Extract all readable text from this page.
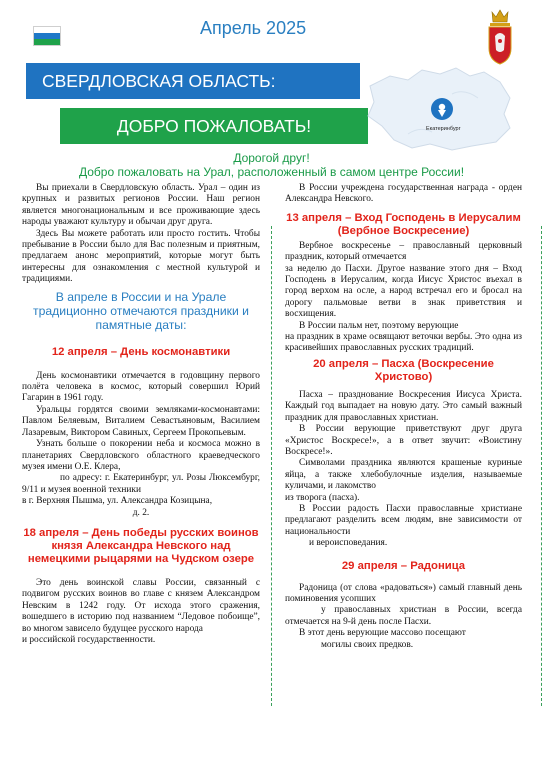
Апрель 2025
СВЕРДЛОВСКАЯ ОБЛАСТЬ:
ДОБРО ПОЖАЛОВАТЬ!	Екатеринбург
Дорогой друг!
Добро пожаловать на Урал, расположенный в самом центре России!

Вы приехали в Свердловскую область. Урал – один из крупных и развитых регионов России. Наш регион является многонациональным и все проживающие здесь народы уважают культуру и обычаи друг друга.

Здесь Вы можете работать или просто гостить. Чтобы пребывание в России было для Вас полезным и приятным, предлагаем анонс мероприятий, которые могут быть интересны для ознакомления с местной культурой и традициями.

В апреле в России и на Урале традиционно отмечаются праздники и памятные даты:
12 апреля – День космонавтики

День космонавтики отмечается в годовщину первого полёта человека в космос, который совершил Юрий Гагарин в 1961 году.

Уральцы гордятся своими земляками-космонавтами: Павлом Беляевым, Виталием Севастьяновым, Василием Лазаревым, Виктором Савиных, Сергеем Прокопьевым.

Узнать больше о покорении неба и космоса можно в планетариях Свердловского областного краеведческого музея имени О.Е. Клера,

по адресу: г. Екатеринбург, ул. Розы Люксембург, 9/11 и музея военной техники

в г. Верхняя Пышма, ул. Александра Козицына,

д. 2.

18 апреля – День победы русских воинов князя Александра Невского над немецкими рыцарями на Чудском озере

Это день воинской славы России, связанный с подвигом русских воинов во главе с князем Александром Невским в 1242 году. От исхода этого сражения, вошедшего в историю под названием “Ледовое побоище”, во многом зависело будущее русского народа

и российской государственности.

В России учреждена государственная награда - орден Александра Невского.

13 апреля – Вход Господень в Иерусалим (Вербное Воскресение)

Вербное воскресенье – православный церковный праздник, который отмечается

за неделю до Пасхи. Другое название этого дня – Вход Господень в Иерусалим, когда Иисус Христос въехал в город верхом на осле, а народ встречал его и бросал на дорогу пальмовые ветви в знак приветствия и восхищения.

В России пальм нет, поэтому верующие

на праздник в храме освящают веточки вербы. Это одна из красивейших православных русских традиций.

20 апреля – Пасха (Воскресение Христово)

Пасха – празднование Воскресения Иисуса Христа. Каждый год выпадает на новую дату. Это самый важный праздник для православных христиан.

В России верующие приветствуют друг друга «Христос Воскресе!», а в ответ звучит: «Воистину Воскресе!».

Символами праздника являются крашеные куриные яйца, а также хлебобулочные изделия, называемые куличами, и лакомство

из творога (пасха).

В России радость Пасхи православные христиане предлагают разделить всем людям, вне зависимости от национальности

и вероисповедания.

29 апреля – Радоница

Радоница (от слова «радоваться») самый главный день поминовения усопших

у православных христиан в России, всегда отмечается на 9-й день после Пасхи.

В этот день верующие массово посещают

могилы своих предков.
